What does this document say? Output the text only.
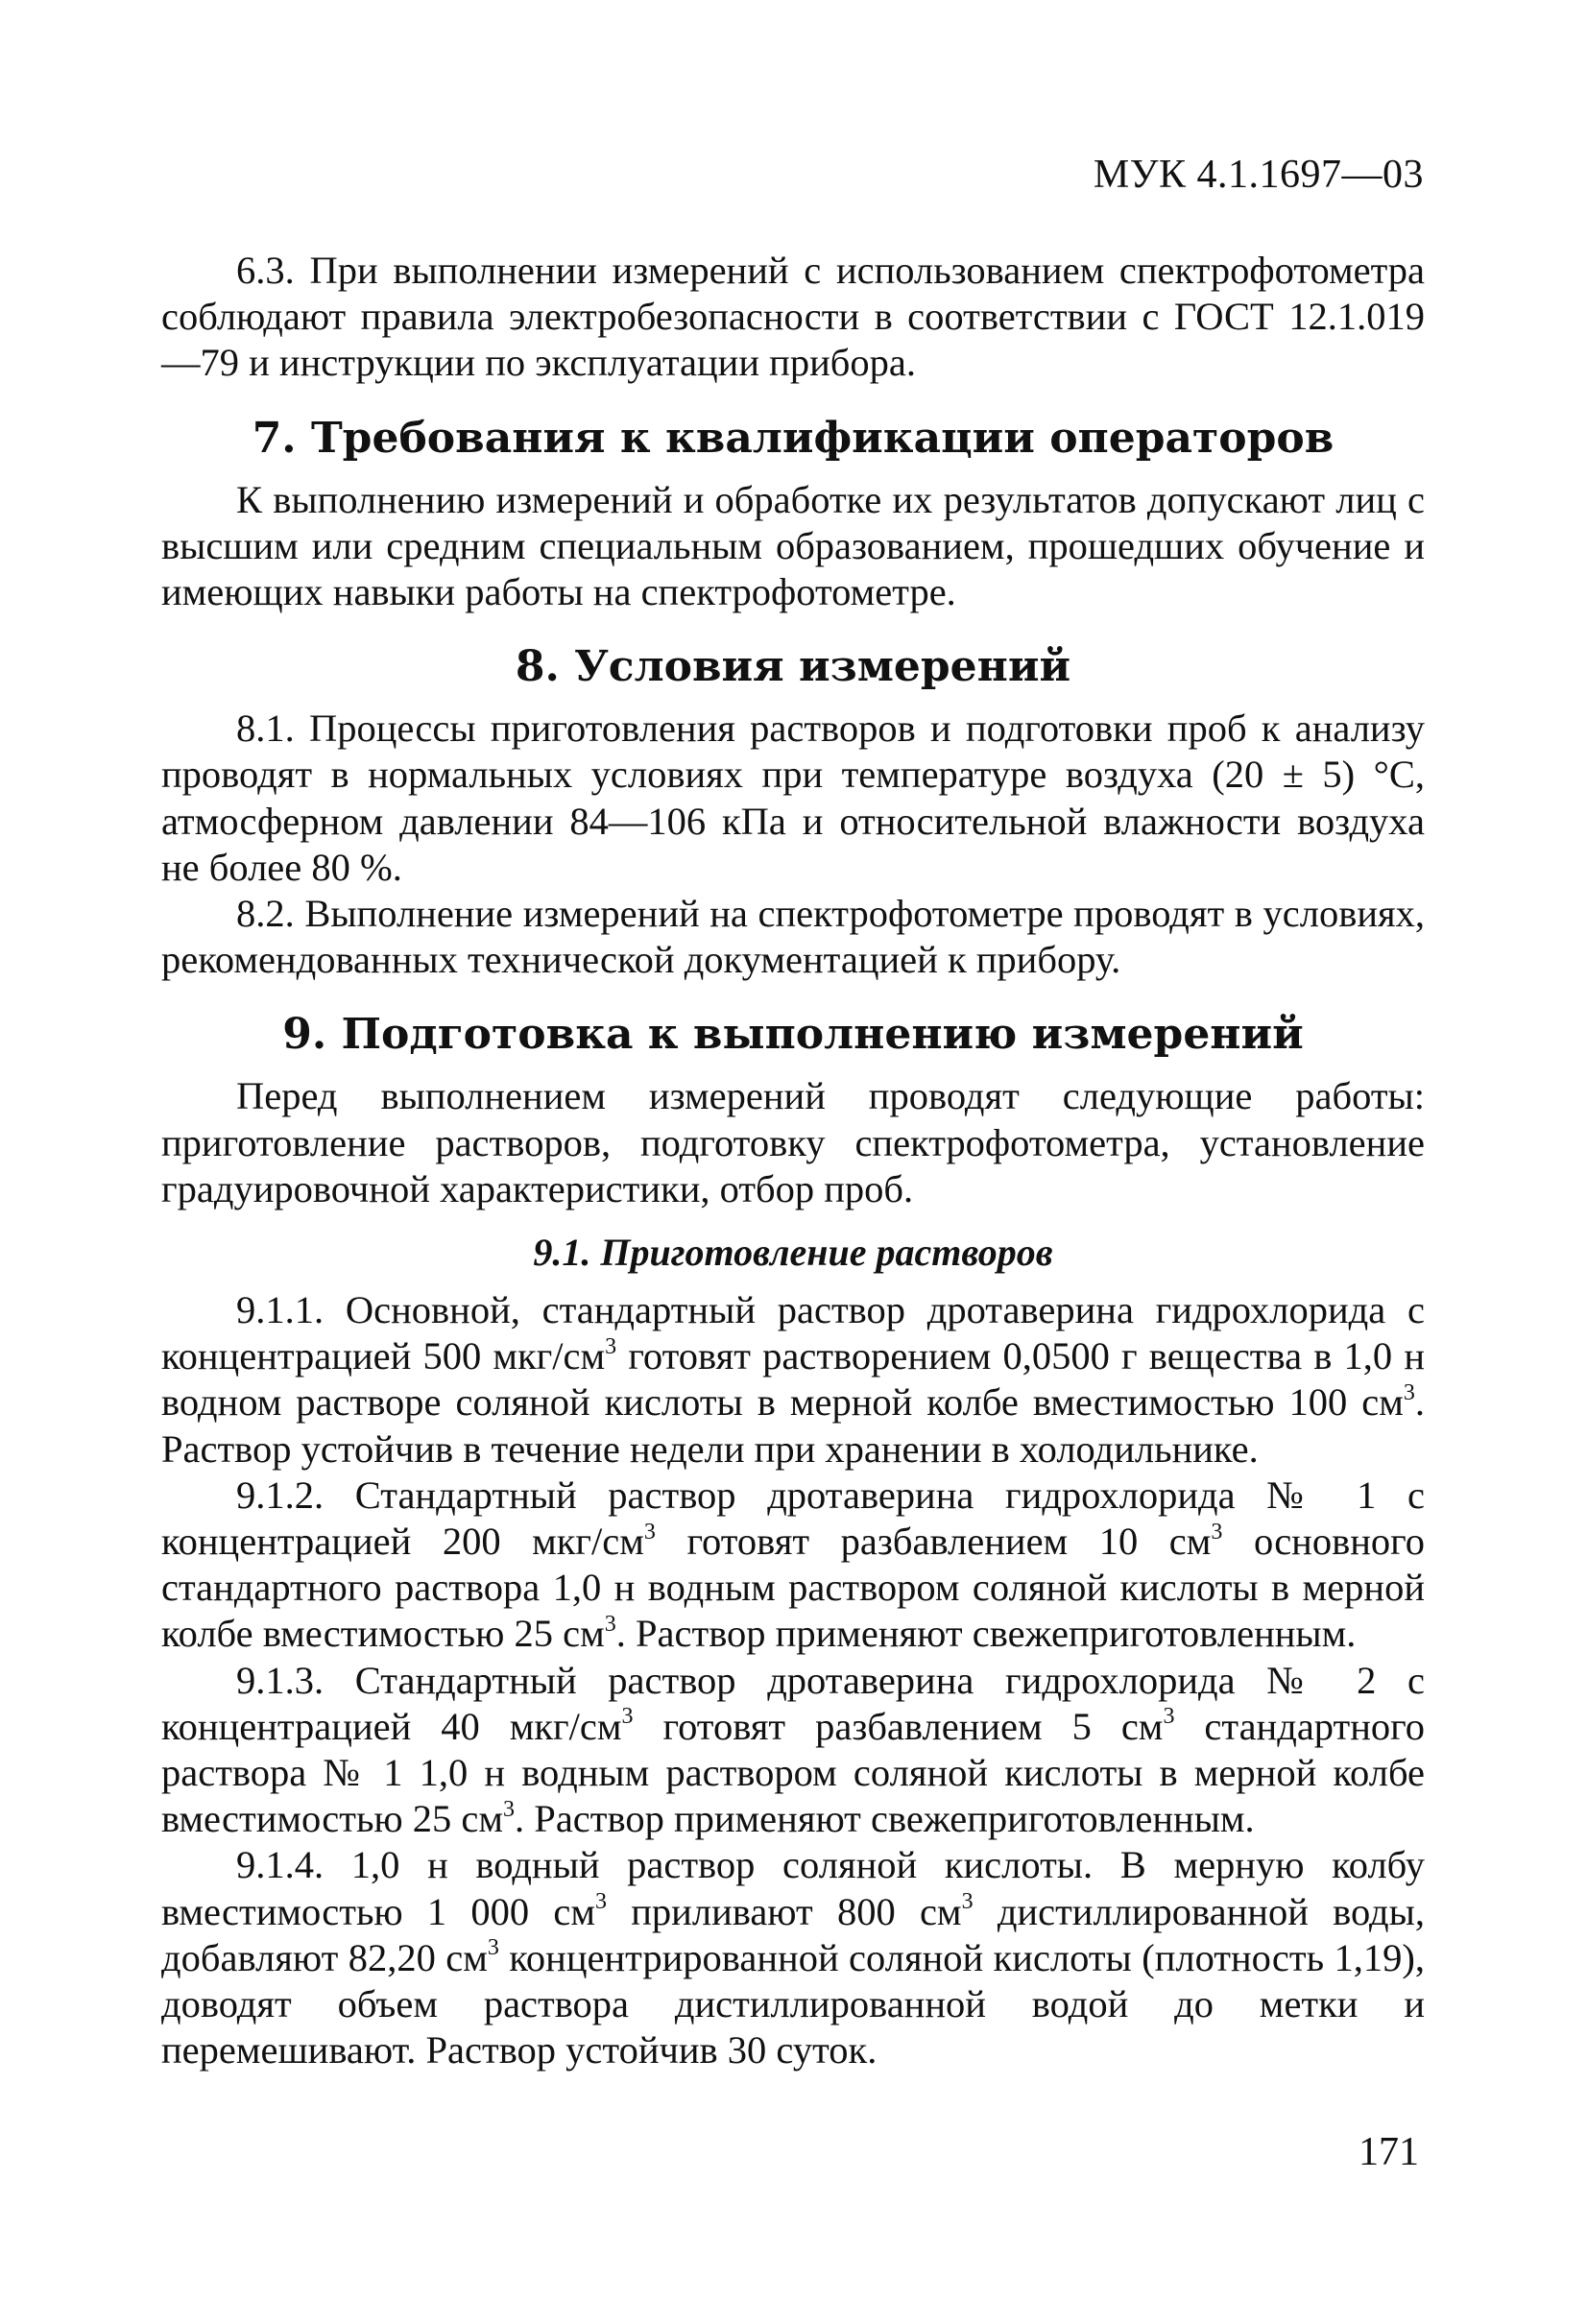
МУК 4.1.1697—03

6.3. При выполнении измерений с использованием спектрофотометра соблюдают правила электробезопасности в соответствии с ГОСТ 12.1.019—79 и инструкции по эксплуатации прибора.

7. Требования к квалификации операторов

К выполнению измерений и обработке их результатов допускают лиц с высшим или средним специальным образованием, прошедших обучение и имеющих навыки работы на спектрофотометре.

8. Условия измерений

8.1. Процессы приготовления растворов и подготовки проб к анализу проводят в нормальных условиях при температуре воздуха (20 ± 5) °С, атмосферном давлении 84—106 кПа и относительной влажности воздуха не более 80 %.

8.2. Выполнение измерений на спектрофотометре проводят в условиях, рекомендованных технической документацией к прибору.

9. Подготовка к выполнению измерений

Перед выполнением измерений проводят следующие работы: приготовление растворов, подготовку спектрофотометра, установление градуировочной характеристики, отбор проб.

9.1. Приготовление растворов

9.1.1. Основной, стандартный раствор дротаверина гидрохлорида с концентрацией 500 мкг/$см^3$ готовят растворением 0,0500 г вещества в 1,0 н водном растворе соляной кислоты в мерной колбе вместимостью 100 $см^3$. Раствор устойчив в течение недели при хранении в холодильнике.

9.1.2. Стандартный раствор дротаверина гидрохлорида № 1 с концентрацией 200 мкг/$см^3$ готовят разбавлением 10 $см^3$ основного стандартного раствора 1,0 н водным раствором соляной кислоты в мерной колбе вместимостью 25 $см^3$. Раствор применяют свежеприготовленным.

9.1.3. Стандартный раствор дротаверина гидрохлорида № 2 с концентрацией 40 мкг/$см^3$ готовят разбавлением 5 $см^3$ стандартного раствора № 1 1,0 н водным раствором соляной кислоты в мерной колбе вместимостью 25 $см^3$. Раствор применяют свежеприготовленным.

9.1.4. 1,0 н водный раствор соляной кислоты. В мерную колбу вместимостью 1 000 $см^3$ приливают 800 $см^3$ дистиллированной воды, добавляют 82,20 $см^3$ концентрированной соляной кислоты (плотность 1,19), доводят объем раствора дистиллированной водой до метки и перемешивают. Раствор устойчив 30 суток.

171
